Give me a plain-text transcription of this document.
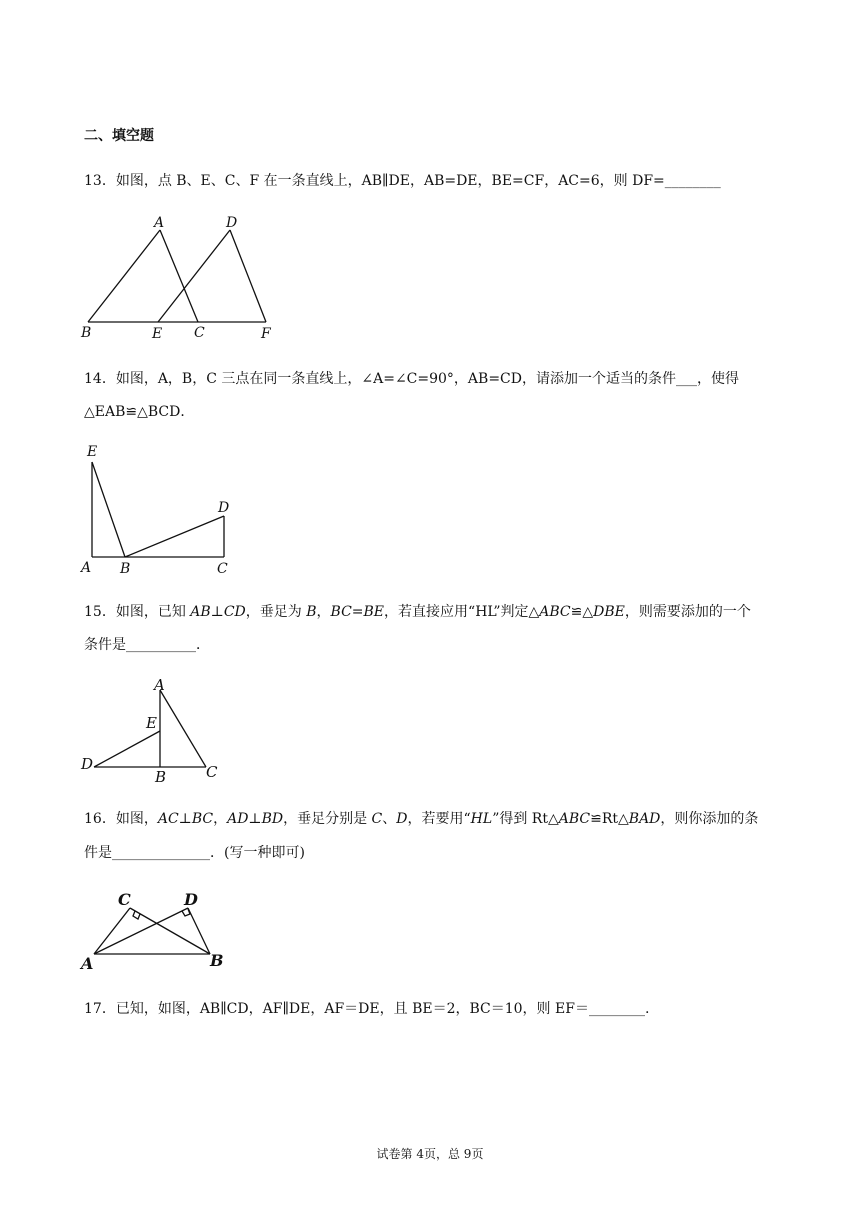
二、填空题
13．如图，点 B、E、C、F 在一条直线上，AB∥DE，AB=DE，BE=CF，AC=6，则 DF=________
A
B	C
D
E	F
14．如图，A，B，C 三点在同一条直线上，∠A=∠C=90°，AB=CD，请添加一个适当的条件___，使得
△EAB≌△BCD．
E
A B	C
D
15．如图，已知 AB⊥CD，垂足为 B，BC=BE，若直接应用“HL”判定△ABC≌△DBE，则需要添加的一个
条件是__________．
A
E
D
B	C
16．如图，AC⊥BC，AD⊥BD，垂足分别是 C、D，若要用“HL”得到 Rt△ABC≌Rt△BAD，则你添加的条
件是______________．(写一种即可)
C	D
A	B
17．已知，如图，AB∥CD，AF∥DE，AF＝DE，且 BE＝2，BC＝10，则 EF＝________.
试卷第 4页，总 9页
